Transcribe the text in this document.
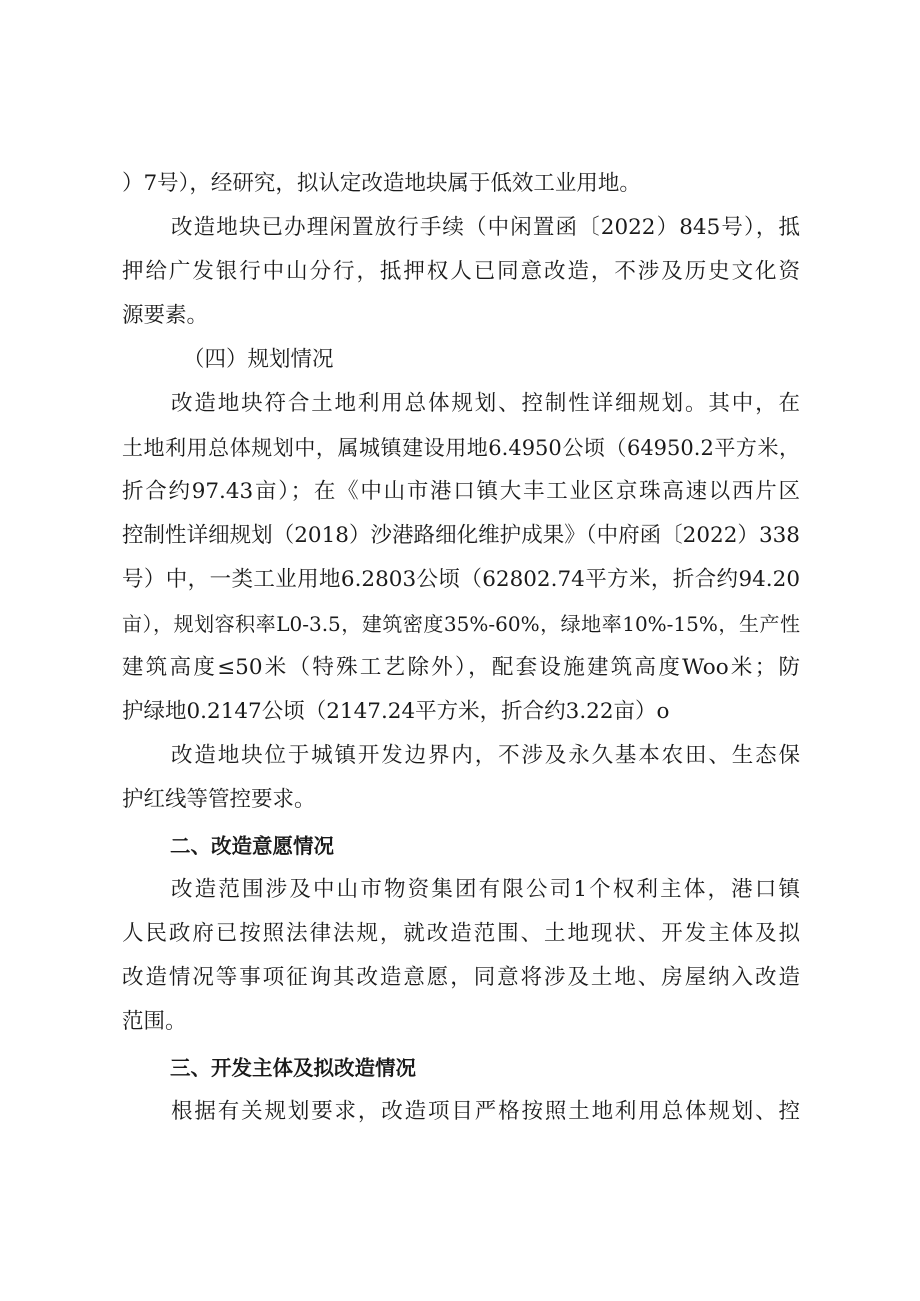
）7号），经研究，拟认定改造地块属于低效工业用地。
改造地块已办理闲置放行手续（中闲置函〔2022）845号），抵
押给广发银行中山分行，抵押权人已同意改造，不涉及历史文化资
源要素。
（四）规划情况
改造地块符合土地利用总体规划、控制性详细规划。其中，在
土地利用总体规划中，属城镇建设用地6.4950公顷（64950.2平方米，
折合约97.43亩）；在《中山市港口镇大丰工业区京珠高速以西片区
控制性详细规划（2018）沙港路细化维护成果》（中府函〔2022）338
号）中，一类工业用地6.2803公顷（62802.74平方米，折合约94.20
亩），规划容积率L0-3.5，建筑密度35%-60%，绿地率10%-15%，生产性
建筑高度≤50米（特殊工艺除外），配套设施建筑高度Woo米；防
护绿地0.2147公顷（2147.24平方米，折合约3.22亩）o
改造地块位于城镇开发边界内，不涉及永久基本农田、生态保
护红线等管控要求。
二、改造意愿情况
改造范围涉及中山市物资集团有限公司1个权利主体，港口镇
人民政府已按照法律法规，就改造范围、土地现状、开发主体及拟
改造情况等事项征询其改造意愿，同意将涉及土地、房屋纳入改造
范围。
三、开发主体及拟改造情况
根据有关规划要求，改造项目严格按照土地利用总体规划、控
